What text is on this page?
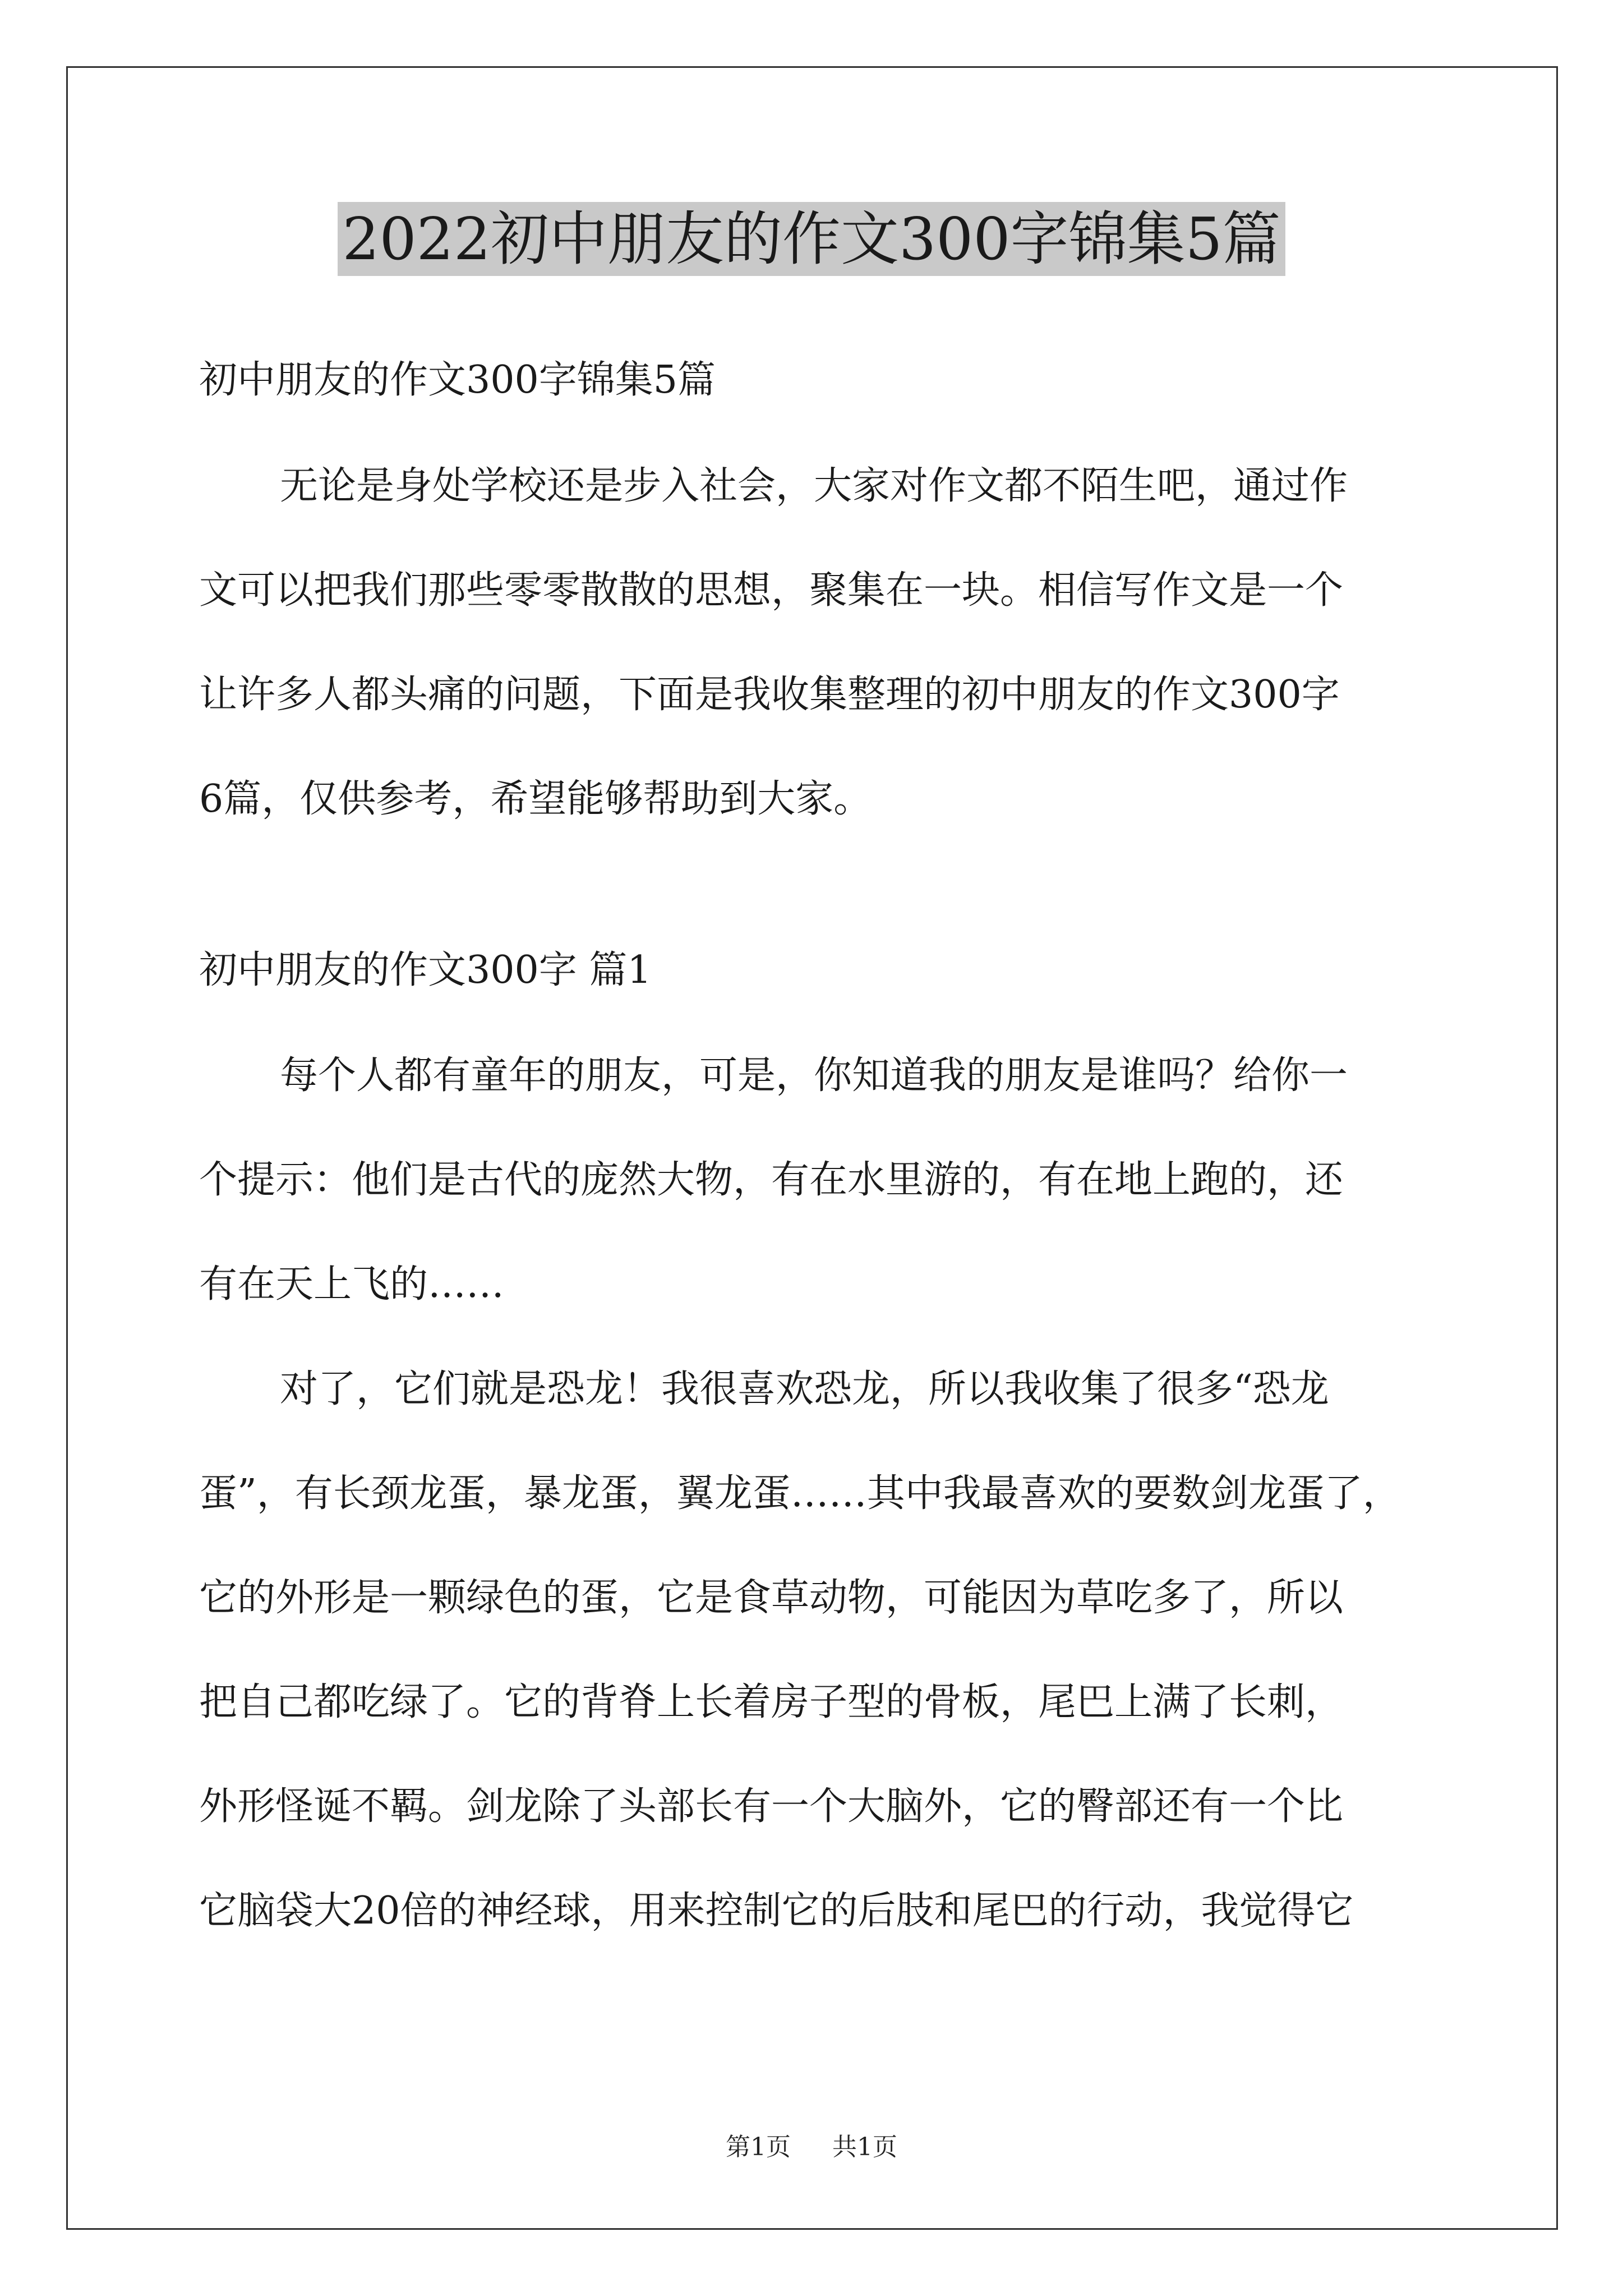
2022初中朋友的作文300字锦集5篇
初中朋友的作文300字锦集5篇
无论是身处学校还是步入社会，大家对作文都不陌生吧，通过作
文可以把我们那些零零散散的思想，聚集在一块。相信写作文是一个
让许多人都头痛的问题，下面是我收集整理的初中朋友的作文300字
6篇，仅供参考，希望能够帮助到大家。
初中朋友的作文300字 篇1
每个人都有童年的朋友，可是，你知道我的朋友是谁吗？给你一
个提示：他们是古代的庞然大物，有在水里游的，有在地上跑的，还
有在天上飞的……
对了，它们就是恐龙！我很喜欢恐龙，所以我收集了很多“恐龙
蛋”，有长颈龙蛋，暴龙蛋，翼龙蛋……其中我最喜欢的要数剑龙蛋了，
它的外形是一颗绿色的蛋，它是食草动物，可能因为草吃多了，所以
把自己都吃绿了。它的背脊上长着房子型的骨板，尾巴上满了长刺，
外形怪诞不羁。剑龙除了头部长有一个大脑外，它的臀部还有一个比
它脑袋大20倍的神经球，用来控制它的后肢和尾巴的行动，我觉得它
第1页 共1页
